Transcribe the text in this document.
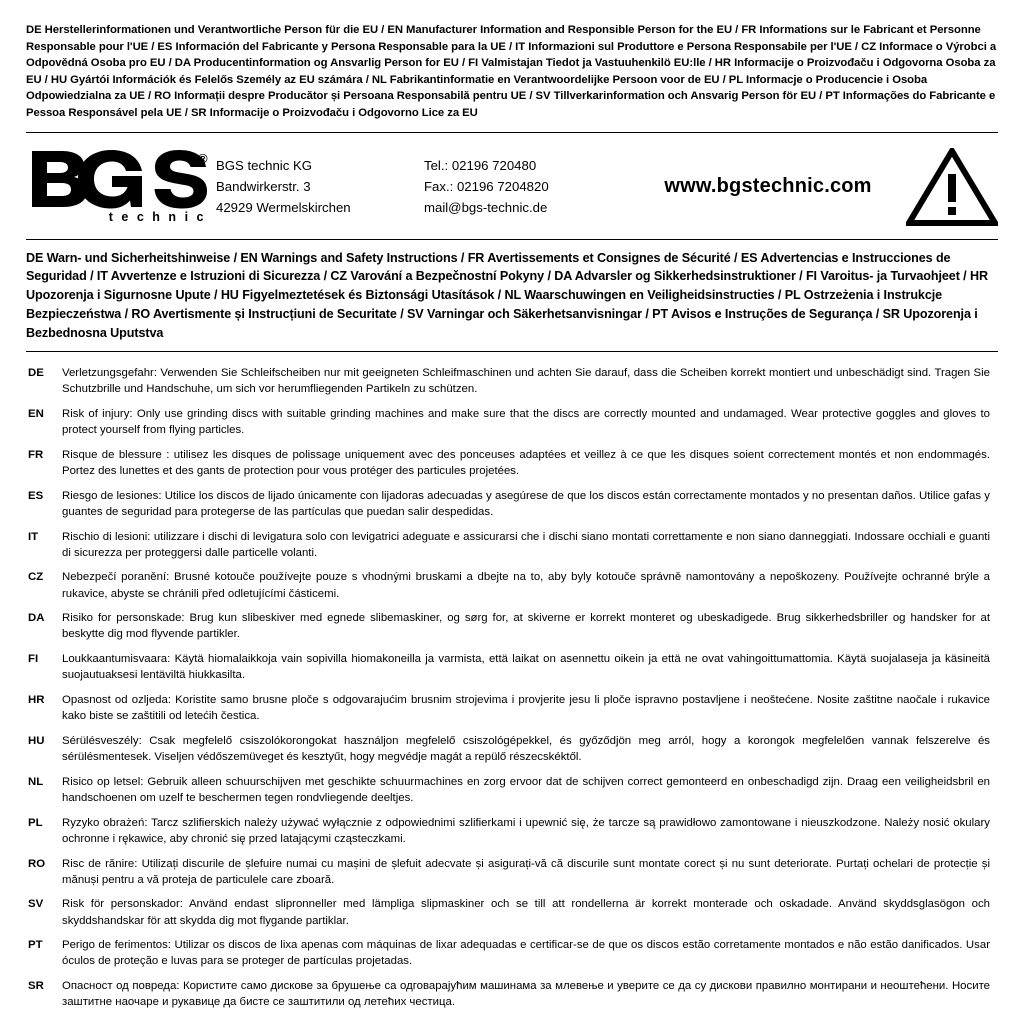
DE Herstellerinformationen und Verantwortliche Person für die EU / EN Manufacturer Information and Responsible Person for the EU / FR Informations sur le Fabricant et Personne Responsable pour l'UE / ES Información del Fabricante y Persona Responsable para la UE / IT Informazioni sul Produttore e Persona Responsabile per l'UE / CZ Informace o Výrobci a Odpovědná Osoba pro EU / DA Producentinformation og Ansvarlig Person for EU / FI Valmistajan Tiedot ja Vastuuhenkilö EU:lle / HR Informacije o Proizvođaču i Odgovorna Osoba za EU / HU Gyártói Információk és Felelős Személy az EU számára / NL Fabrikantinformatie en Verantwoordelijke Persoon voor de EU / PL Informacje o Producencie i Osoba Odpowiedzialna za UE / RO Informații despre Producător și Persoana Responsabilă pentru UE / SV Tillverkarinformation och Ansvarig Person för EU / PT Informações do Fabricante e Pessoa Responsável pela UE / SR Informacije o Proizvođaču i Odgovorno Lice za EU
®
technic
BGS technic KG
Bandwirkerstr. 3
42929 Wermelskirchen
Tel.: 02196 720480
Fax.: 02196 7204820
mail@bgs-technic.de
www.bgstechnic.com
DE Warn- und Sicherheitshinweise / EN Warnings and Safety Instructions / FR Avertissements et Consignes de Sécurité / ES Advertencias e Instrucciones de Seguridad / IT Avvertenze e Istruzioni di Sicurezza / CZ Varování a Bezpečnostní Pokyny / DA Advarsler og Sikkerhedsinstruktioner / FI Varoitus- ja Turvaohjeet / HR Upozorenja i Sigurnosne Upute / HU Figyelmeztetések és Biztonsági Utasítások / NL Waarschuwingen en Veiligheidsinstructies / PL Ostrzeżenia i Instrukcje Bezpieczeństwa / RO Avertismente și Instrucțiuni de Securitate / SV Varningar och Säkerhetsanvisningar / PT Avisos e Instruções de Segurança / SR Upozorenja i Bezbednosna Uputstva
DE	Verletzungsgefahr: Verwenden Sie Schleifscheiben nur mit geeigneten Schleifmaschinen und achten Sie darauf, dass die Scheiben korrekt montiert und unbeschädigt sind. Tragen Sie Schutzbrille und Handschuhe, um sich vor herumfliegenden Partikeln zu schützen.
EN	Risk of injury: Only use grinding discs with suitable grinding machines and make sure that the discs are correctly mounted and undamaged. Wear protective goggles and gloves to protect yourself from flying particles.
FR	Risque de blessure : utilisez les disques de polissage uniquement avec des ponceuses adaptées et veillez à ce que les disques soient correctement montés et non endommagés. Portez des lunettes et des gants de protection pour vous protéger des particules projetées.
ES	Riesgo de lesiones: Utilice los discos de lijado únicamente con lijadoras adecuadas y asegúrese de que los discos están correctamente montados y no presentan daños. Utilice gafas y guantes de seguridad para protegerse de las partículas que puedan salir despedidas.
IT	Rischio di lesioni: utilizzare i dischi di levigatura solo con levigatrici adeguate e assicurarsi che i dischi siano montati correttamente e non siano danneggiati. Indossare occhiali e guanti di sicurezza per proteggersi dalle particelle volanti.
CZ	Nebezpečí poranění: Brusné kotouče používejte pouze s vhodnými bruskami a dbejte na to, aby byly kotouče správně namontovány a nepoškozeny. Používejte ochranné brýle a rukavice, abyste se chránili před odletujícími částicemi.
DA	Risiko for personskade: Brug kun slibeskiver med egnede slibemaskiner, og sørg for, at skiverne er korrekt monteret og ubeskadigede. Brug sikkerhedsbriller og handsker for at beskytte dig mod flyvende partikler.
FI	Loukkaantumisvaara: Käytä hiomalaikkoja vain sopivilla hiomakoneilla ja varmista, että laikat on asennettu oikein ja että ne ovat vahingoittumattomia. Käytä suojalaseja ja käsineitä suojautuaksesi lentäviltä hiukkasilta.
HR	Opasnost od ozljeda: Koristite samo brusne ploče s odgovarajućim brusnim strojevima i provjerite jesu li ploče ispravno postavljene i neoštećene. Nosite zaštitne naočale i rukavice kako biste se zaštitili od letećih čestica.
HU	Sérülésveszély: Csak megfelelő csiszolókorongokat használjon megfelelő csiszológépekkel, és győződjön meg arról, hogy a korongok megfelelően vannak felszerelve és sérülésmentesek. Viseljen védőszemüveget és kesztyűt, hogy megvédje magát a repülő részecskéktől.
NL	Risico op letsel: Gebruik alleen schuurschijven met geschikte schuurmachines en zorg ervoor dat de schijven correct gemonteerd en onbeschadigd zijn. Draag een veiligheidsbril en handschoenen om uzelf te beschermen tegen rondvliegende deeltjes.
PL	Ryzyko obrażeń: Tarcz szlifierskich należy używać wyłącznie z odpowiednimi szlifierkami i upewnić się, że tarcze są prawidłowo zamontowane i nieuszkodzone. Należy nosić okulary ochronne i rękawice, aby chronić się przed latającymi cząsteczkami.
RO	Risc de rănire: Utilizați discurile de șlefuire numai cu mașini de șlefuit adecvate și asigurați-vă că discurile sunt montate corect și nu sunt deteriorate. Purtați ochelari de protecție și mănuși pentru a vă proteja de particulele care zboară.
SV	Risk för personskador: Använd endast slipronneller med lämpliga slipmaskiner och se till att rondellerna är korrekt monterade och oskadade. Använd skyddsglasögon och skyddshandskar för att skydda dig mot flygande partiklar.
PT	Perigo de ferimentos: Utilizar os discos de lixa apenas com máquinas de lixar adequadas e certificar-se de que os discos estão corretamente montados e não estão danificados. Usar óculos de proteção e luvas para se proteger de partículas projetadas.
SR	Опасност од повреда: Користите само дискове за брушење са одговарајућим машинама за млевење и уверите се да су дискови правилно монтирани и неоштећени. Носите заштитне наочаре и рукавице да бисте се заштитили од летећих честица.
